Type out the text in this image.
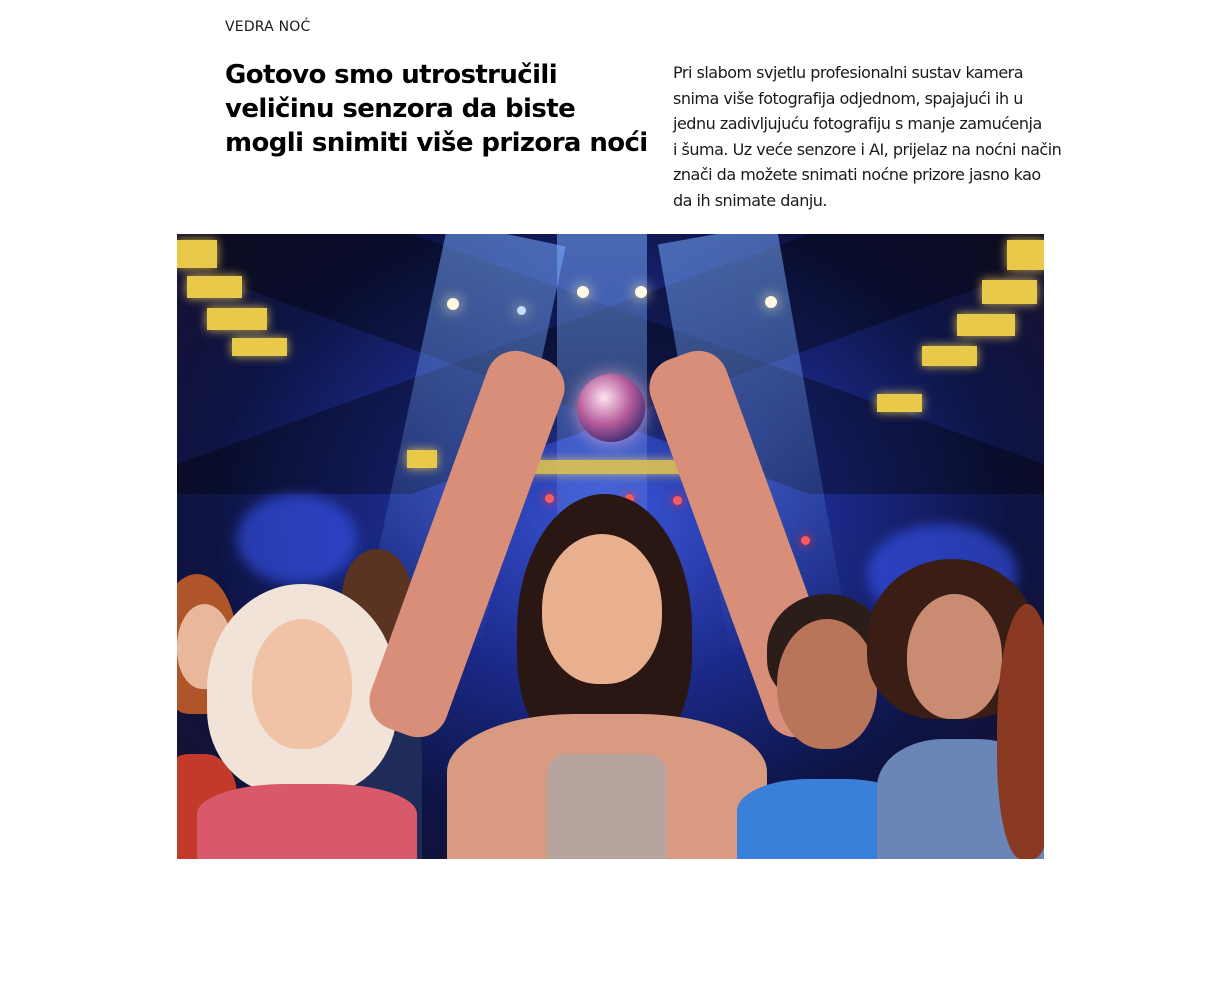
VEDRA NOĆ
Gotovo smo utrostručili
veličinu senzora da biste
mogli snimiti više prizora noći

Pri slabom svjetlu profesionalni sustav kamera
snima više fotografija odjednom, spajajući ih u
jednu zadivljujuću fotografiju s manje zamućenja
i šuma. Uz veće senzore i AI, prijelaz na noćni način
znači da možete snimati noćne prizore jasno kao
da ih snimate danju.
